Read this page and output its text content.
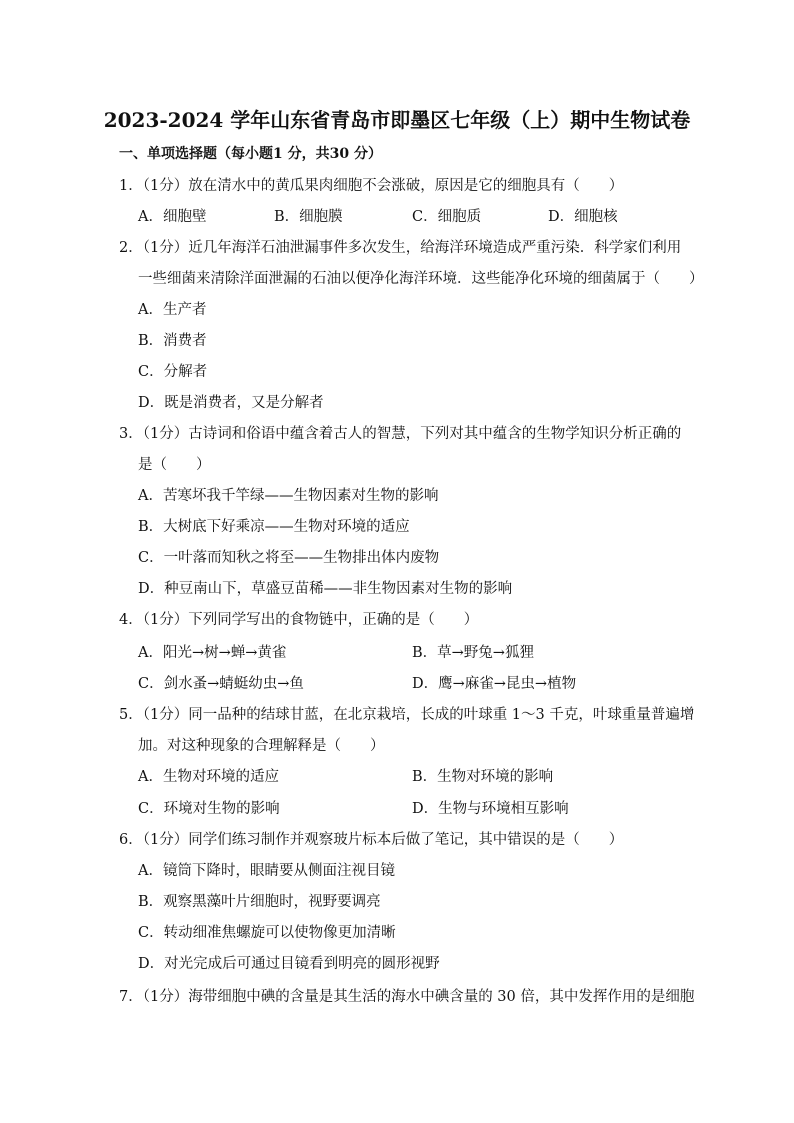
2023-2024 学年山东省青岛市即墨区七年级（上）期中生物试卷
一、单项选择题（每小题1 分，共30 分）
1．（1分）放在清水中的黄瓜果肉细胞不会涨破，原因是它的细胞具有（　　）
A．细胞壁	B．细胞膜	C．细胞质	D．细胞核
2．（1分）近几年海洋石油泄漏事件多次发生，给海洋环境造成严重污染．科学家们利用
一些细菌来清除洋面泄漏的石油以便净化海洋环境．这些能净化环境的细菌属于（　　）
A．生产者
B．消费者
C．分解者
D．既是消费者，又是分解者
3．（1分）古诗词和俗语中蕴含着古人的智慧，下列对其中蕴含的生物学知识分析正确的
是（　　）
A．苦寒坏我千竿绿——生物因素对生物的影响
B．大树底下好乘凉——生物对环境的适应
C．一叶落而知秋之将至——生物排出体内废物
D．种豆南山下，草盛豆苗稀——非生物因素对生物的影响
4．（1分）下列同学写出的食物链中，正确的是（　　）
A．阳光→树→蝉→黄雀	B．草→野兔→狐狸
C．剑水蚤→蜻蜓幼虫→鱼	D．鹰→麻雀→昆虫→植物
5．（1分）同一品种的结球甘蓝，在北京栽培，长成的叶球重 1～3 千克，叶球重量普遍增
加。对这种现象的合理解释是（　　）
A．生物对环境的适应	B．生物对环境的影响
C．环境对生物的影响	D．生物与环境相互影响
6．（1分）同学们练习制作并观察玻片标本后做了笔记，其中错误的是（　　）
A．镜筒下降时，眼睛要从侧面注视目镜
B．观察黑藻叶片细胞时，视野要调亮
C．转动细准焦螺旋可以使物像更加清晰
D．对光完成后可通过目镜看到明亮的圆形视野
7．（1分）海带细胞中碘的含量是其生活的海水中碘含量的 30 倍，其中发挥作用的是细胞
